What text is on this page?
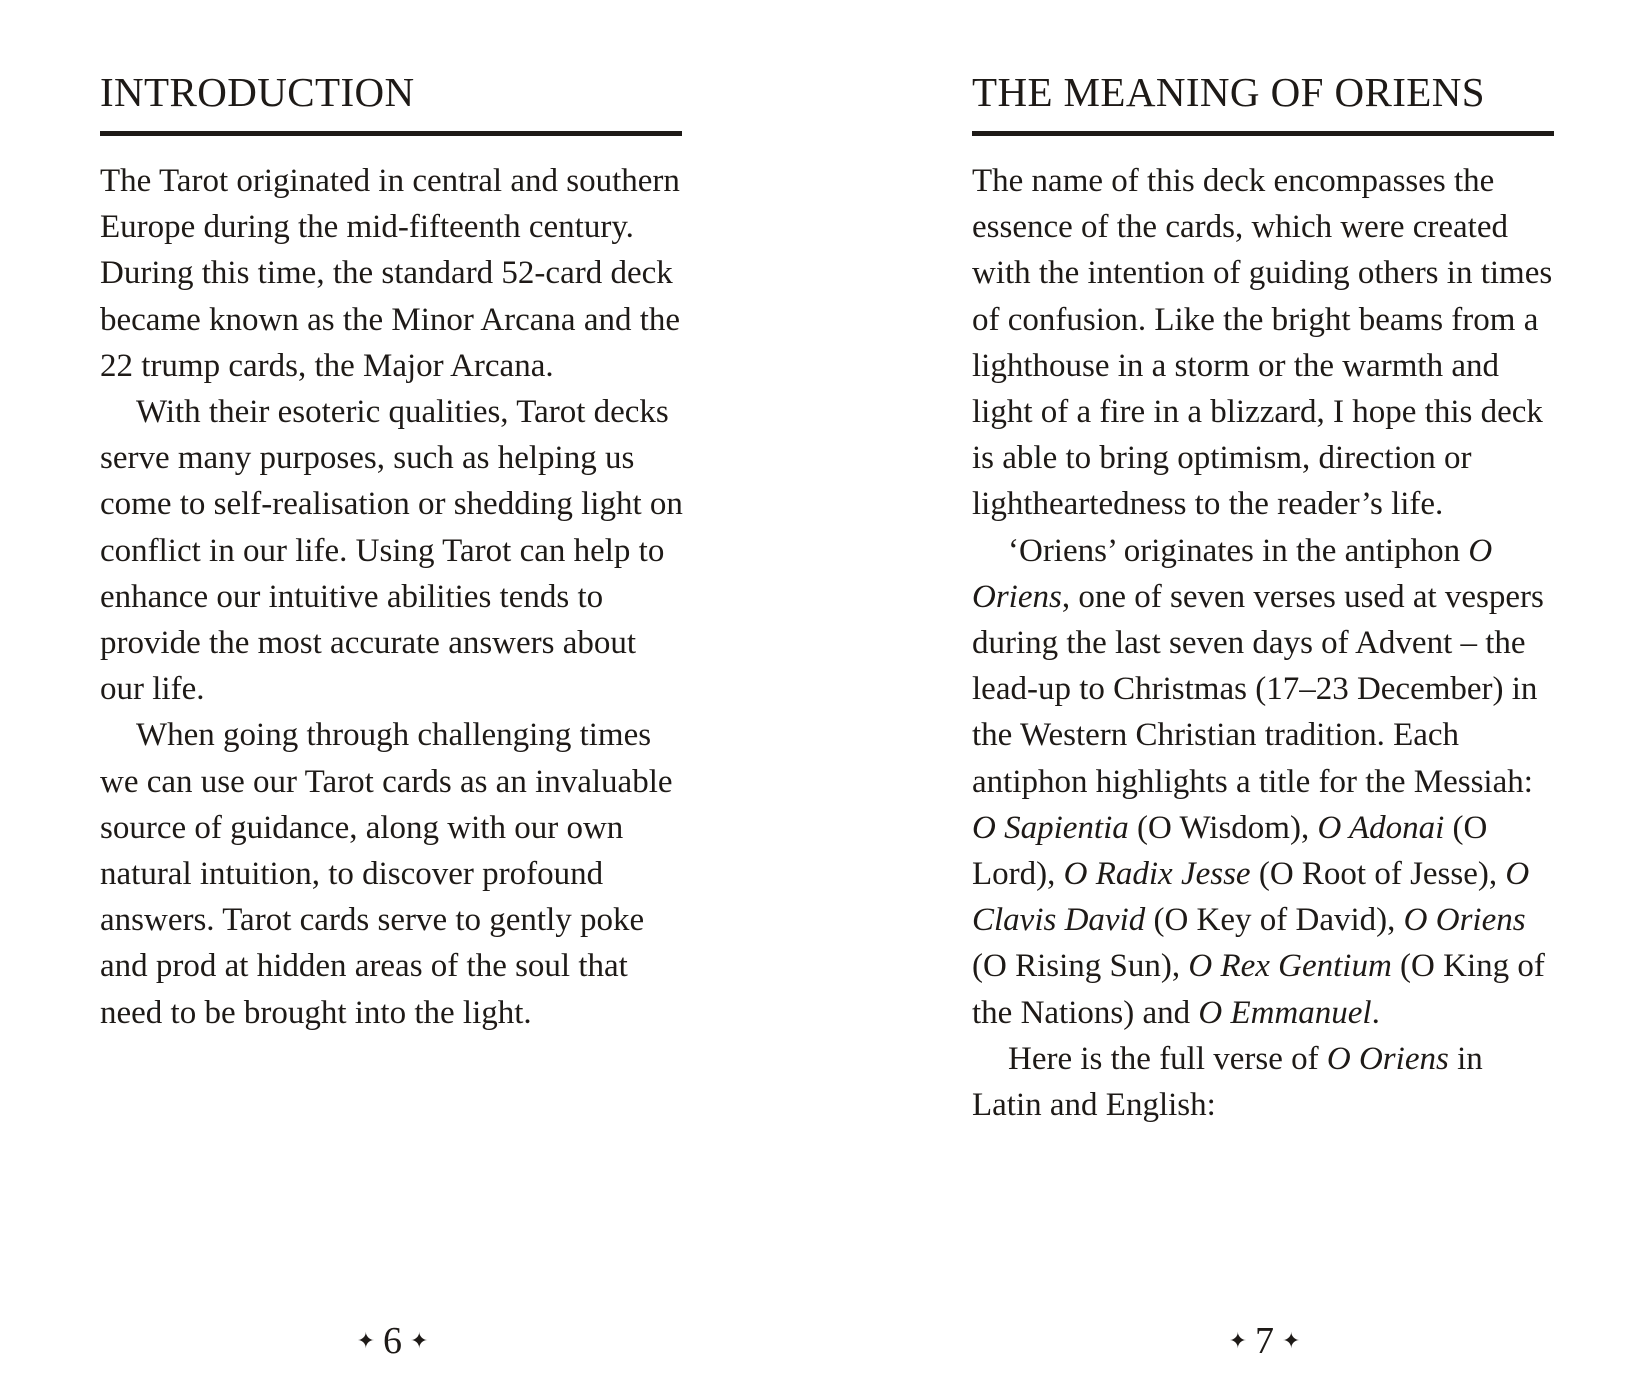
INTRODUCTION

The Tarot originated in central and southern Europe during the mid-fifteenth century. During this time, the standard 52-card deck became known as the Minor Arcana and the 22 trump cards, the Major Arcana.

With their esoteric qualities, Tarot decks serve many purposes, such as helping us come to self-realisation or shedding light on conflict in our life. Using Tarot can help to enhance our intuitive abilities tends to provide the most accurate answers about our life.

When going through challenging times we can use our Tarot cards as an invaluable source of guidance, along with our own natural intuition, to discover profound answers. Tarot cards serve to gently poke and prod at hidden areas of the soul that need to be brought into the light.

✦ 6 ✦
THE MEANING OF ORIENS

The name of this deck encompasses the essence of the cards, which were created with the intention of guiding others in times of confusion. Like the bright beams from a lighthouse in a storm or the warmth and light of a fire in a blizzard, I hope this deck is able to bring optimism, direction or lightheartedness to the reader’s life.

‘Oriens’ originates in the antiphon O Oriens, one of seven verses used at vespers during the last seven days of Advent – the lead-up to Christmas (17–23 December) in the Western Christian tradition. Each antiphon highlights a title for the Messiah: O Sapientia (O Wisdom), O Adonai (O Lord), O Radix Jesse (O Root of Jesse), O Clavis David (O Key of David), O Oriens (O Rising Sun), O Rex Gentium (O King of the Nations) and O Emmanuel.

Here is the full verse of O Oriens in Latin and English:

✦ 7 ✦
